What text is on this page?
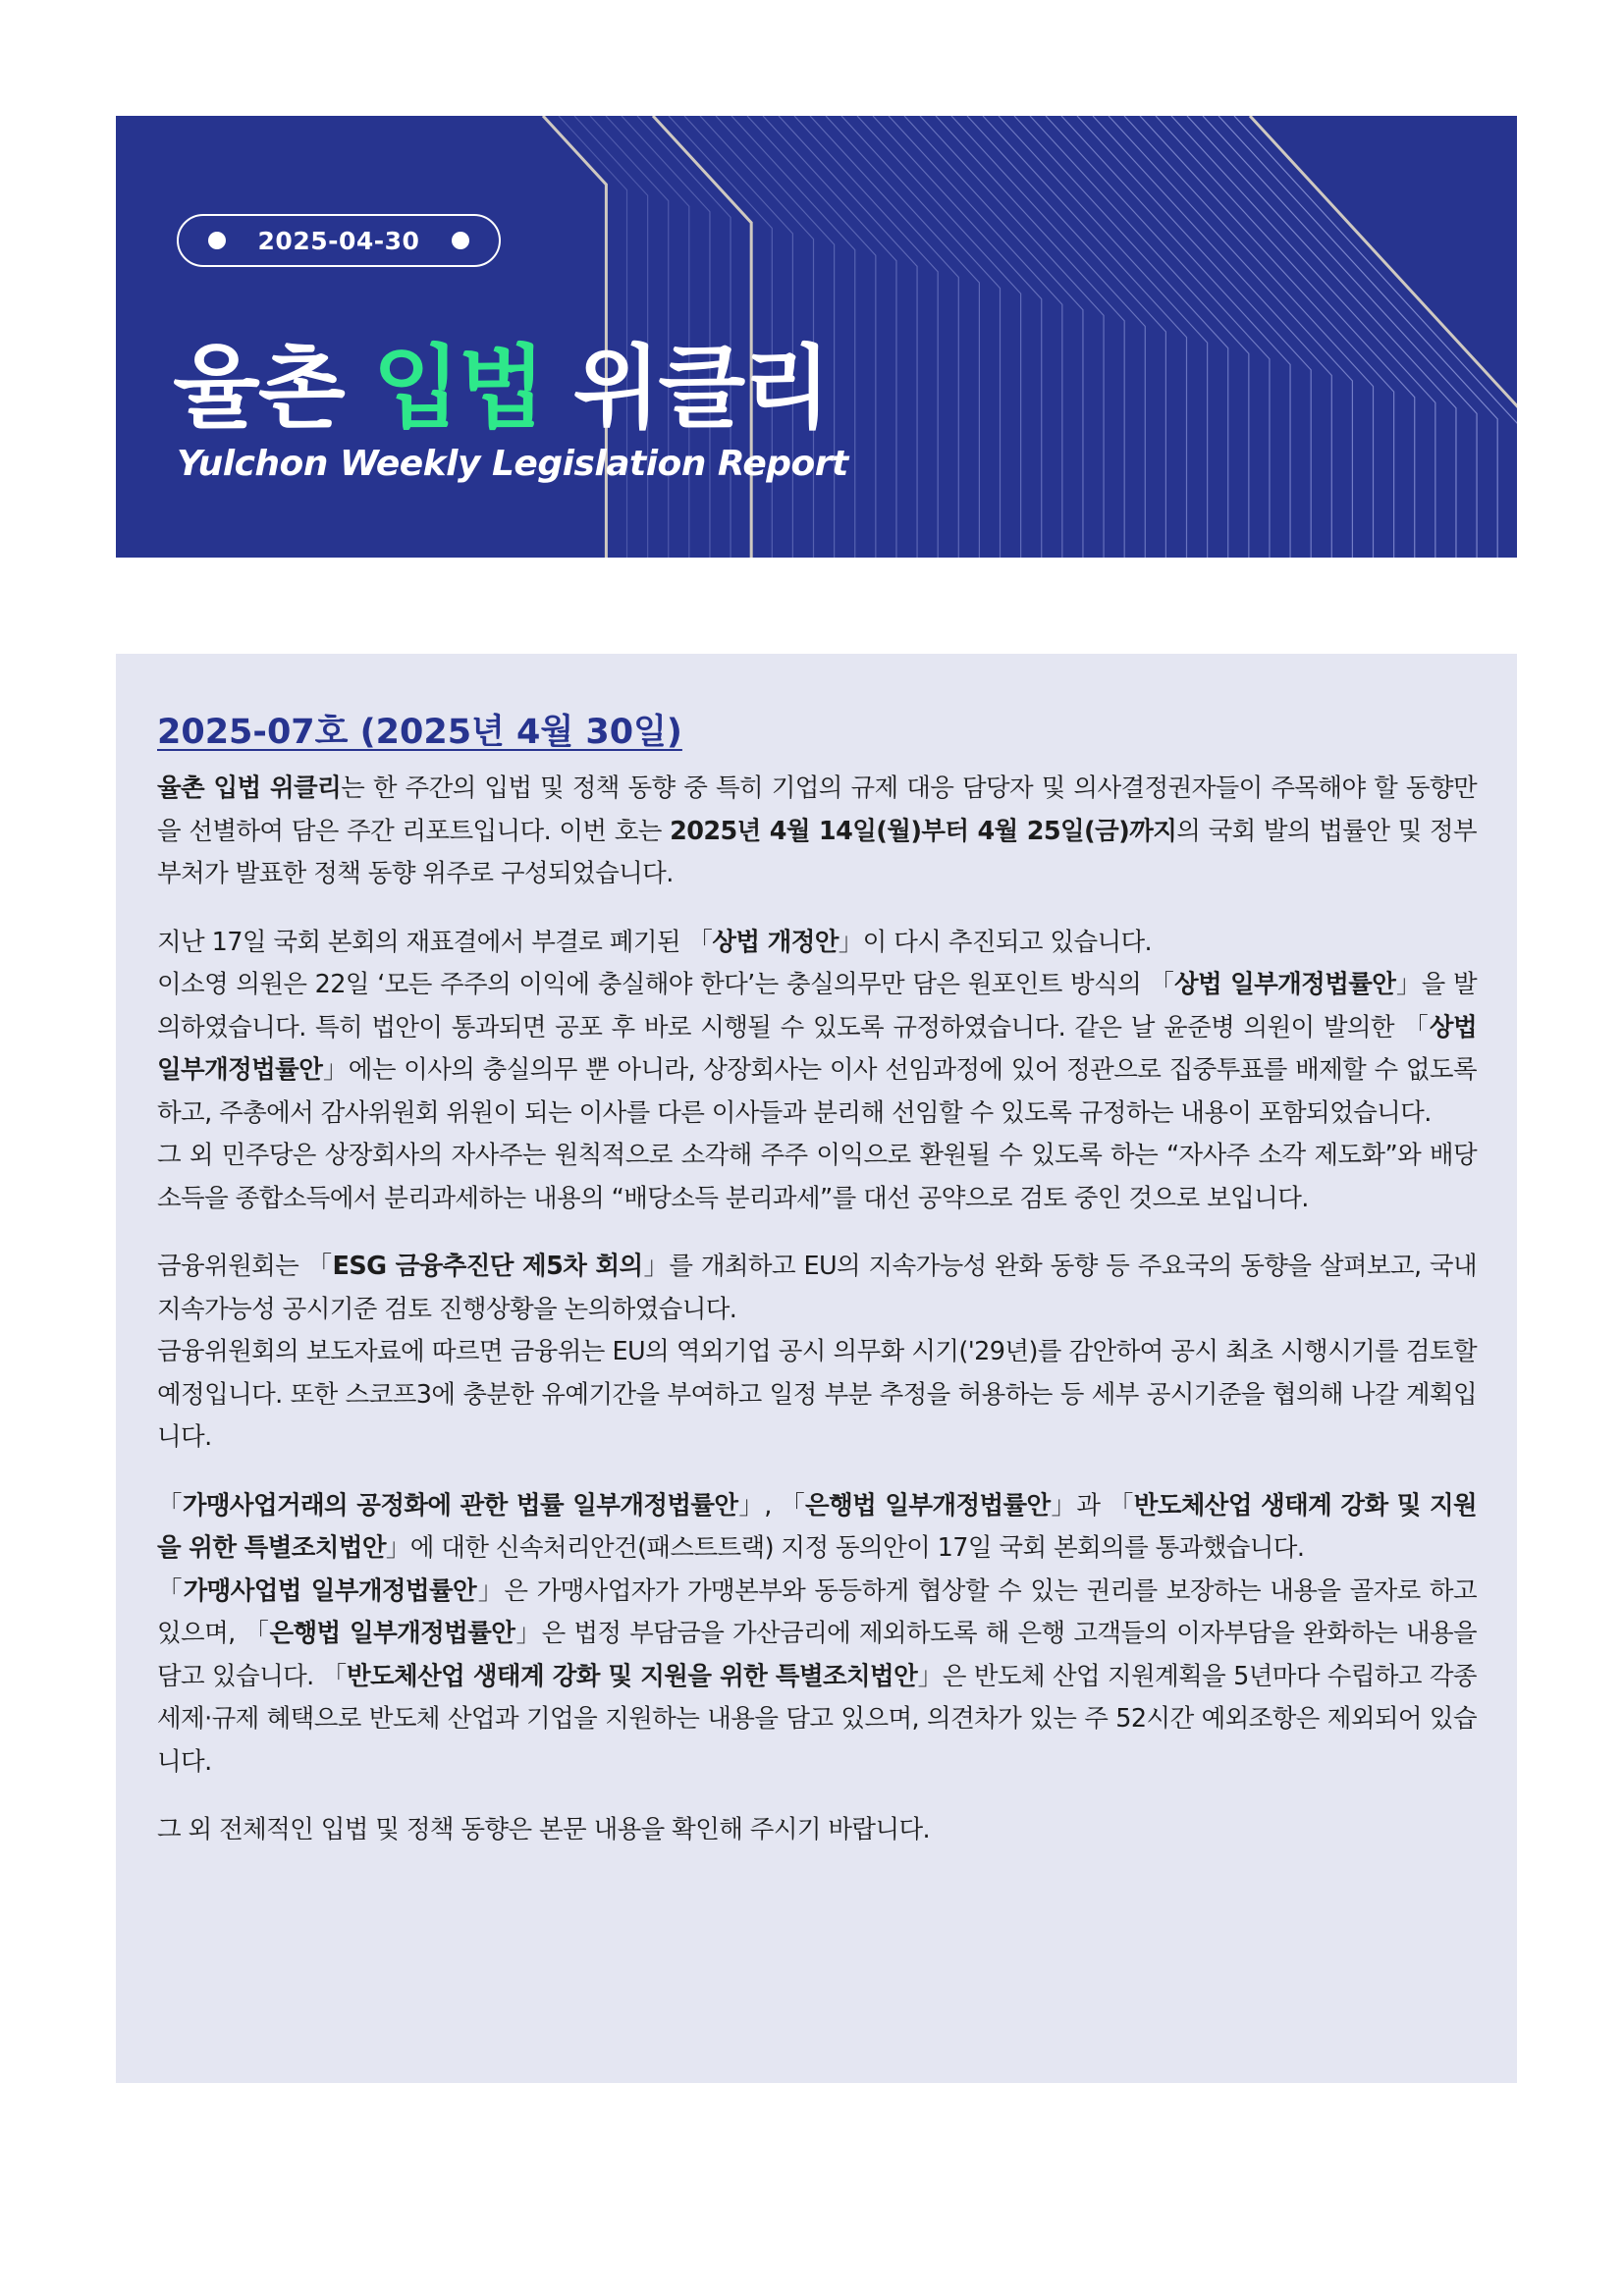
2025-04-30
율촌 입법 위클리
Yulchon Weekly Legislation Report
2025-07호 (2025년 4월 30일)

율촌 입법 위클리는 한 주간의 입법 및 정책 동향 중 특히 기업의 규제 대응 담당자 및 의사결정권자들이 주목해야 할 동향만을 선별하여 담은 주간 리포트입니다. 이번 호는 2025년 4월 14일(월)부터 4월 25일(금)까지의 국회 발의 법률안 및 정부부처가 발표한 정책 동향 위주로 구성되었습니다.

지난 17일 국회 본회의 재표결에서 부결로 폐기된 「상법 개정안」이 다시 추진되고 있습니다.
이소영 의원은 22일 ‘모든 주주의 이익에 충실해야 한다’는 충실의무만 담은 원포인트 방식의 「상법 일부개정법률안」을 발의하였습니다. 특히 법안이 통과되면 공포 후 바로 시행될 수 있도록 규정하였습니다. 같은 날 윤준병 의원이 발의한 「상법 일부개정법률안」에는 이사의 충실의무 뿐 아니라, 상장회사는 이사 선임과정에 있어 정관으로 집중투표를 배제할 수 없도록 하고, 주총에서 감사위원회 위원이 되는 이사를 다른 이사들과 분리해 선임할 수 있도록 규정하는 내용이 포함되었습니다.
그 외 민주당은 상장회사의 자사주는 원칙적으로 소각해 주주 이익으로 환원될 수 있도록 하는 “자사주 소각 제도화”와 배당 소득을 종합소득에서 분리과세하는 내용의 “배당소득 분리과세”를 대선 공약으로 검토 중인 것으로 보입니다.

금융위원회는 「ESG 금융추진단 제5차 회의」를 개최하고 EU의 지속가능성 완화 동향 등 주요국의 동향을 살펴보고, 국내 지속가능성 공시기준 검토 진행상황을 논의하였습니다.
금융위원회의 보도자료에 따르면 금융위는 EU의 역외기업 공시 의무화 시기('29년)를 감안하여 공시 최초 시행시기를 검토할 예정입니다. 또한 스코프3에 충분한 유예기간을 부여하고 일정 부분 추정을 허용하는 등 세부 공시기준을 협의해 나갈 계획입니다.

「가맹사업거래의 공정화에 관한 법률 일부개정법률안」, 「은행법 일부개정법률안」과 「반도체산업 생태계 강화 및 지원을 위한 특별조치법안」에 대한 신속처리안건(패스트트랙) 지정 동의안이 17일 국회 본회의를 통과했습니다.
「가맹사업법 일부개정법률안」은 가맹사업자가 가맹본부와 동등하게 협상할 수 있는 권리를 보장하는 내용을 골자로 하고 있으며, 「은행법 일부개정법률안」은 법정 부담금을 가산금리에 제외하도록 해 은행 고객들의 이자부담을 완화하는 내용을 담고 있습니다. 「반도체산업 생태계 강화 및 지원을 위한 특별조치법안」은 반도체 산업 지원계획을 5년마다 수립하고 각종 세제·규제 혜택으로 반도체 산업과 기업을 지원하는 내용을 담고 있으며, 의견차가 있는 주 52시간 예외조항은 제외되어 있습니다.

그 외 전체적인 입법 및 정책 동향은 본문 내용을 확인해 주시기 바랍니다.
